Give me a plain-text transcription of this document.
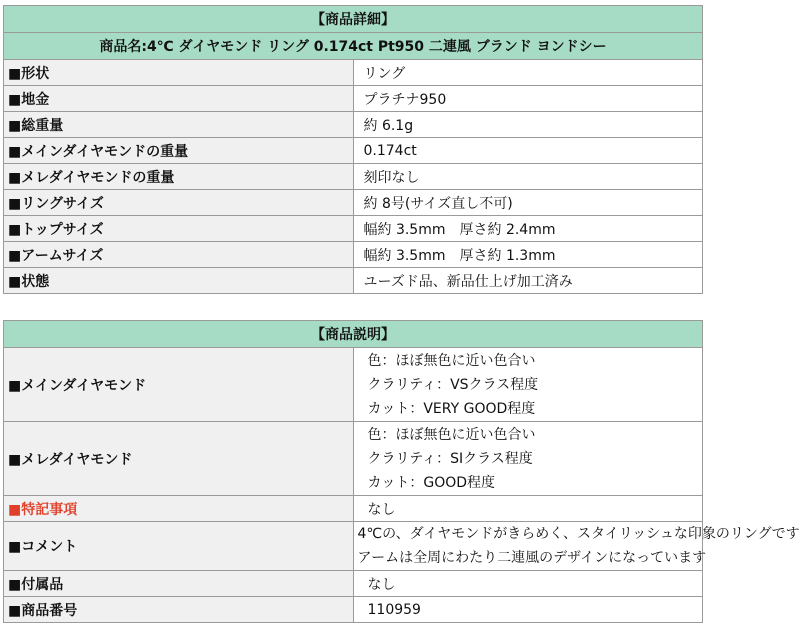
【商品詳細】	
商品名:4℃ ダイヤモンド リング 0.174ct Pt950 二連風 ブランド ヨンドシー	
■形状	リング
■地金	プラチナ950
■総重量	約 6.1g
■メインダイヤモンドの重量	0.174ct
■メレダイヤモンドの重量	刻印なし
■リングサイズ	約 8号(サイズ直し不可)
■トップサイズ	幅約 3.5mm　厚さ約 2.4mm
■アームサイズ	幅約 3.5mm　厚さ約 1.3mm
■状態	ユーズド品、新品仕上げ加工済み
【商品説明】	
■メインダイヤモンド	色：ほぼ無色に近い色合い
クラリティ：VSクラス程度
カット：VERY GOOD程度

■メレダイヤモンド	色：ほぼ無色に近い色合い
クラリティ：SIクラス程度
カット：GOOD程度

■特記事項	なし
■コメント	4℃の、ダイヤモンドがきらめく、スタイリッシュな印象のリングです
アームは全周にわたり二連風のデザインになっています

■付属品	なし
■商品番号	110959
